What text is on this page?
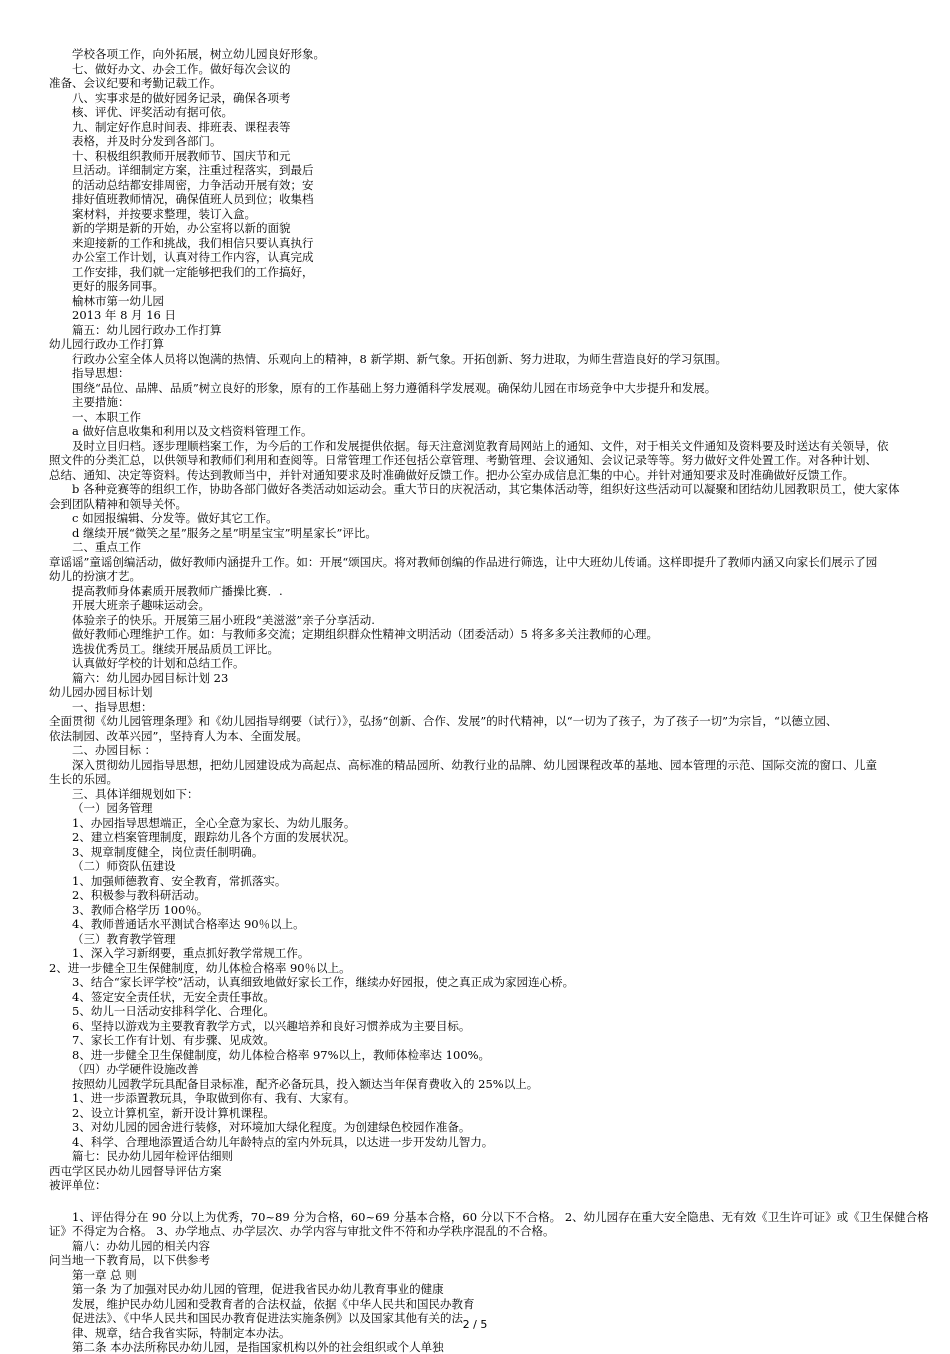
学校各项工作，向外拓展，树立幼儿园良好形象。
七、做好办文、办会工作。做好每次会议的
准备、会议纪要和考勤记载工作。
八、实事求是的做好园务记录，确保各项考
核、评优、评奖活动有据可依。
九、制定好作息时间表、排班表、课程表等
表格，并及时分发到各部门。
十、积极组织教师开展教师节、国庆节和元
旦活动。详细制定方案，注重过程落实，到最后
的活动总结都安排周密，力争活动开展有效；安
排好值班教师情况，确保值班人员到位；收集档
案材料，并按要求整理，装订入盒。
新的学期是新的开始，办公室将以新的面貌
来迎接新的工作和挑战，我们相信只要认真执行
办公室工作计划，认真对待工作内容，认真完成
工作安排，我们就一定能够把我们的工作搞好，
更好的服务同事。
榆林市第一幼儿园
2013 年 8 月 16 日
篇五：幼儿园行政办工作打算
幼儿园行政办工作打算
行政办公室全体人员将以饱满的热情、乐观向上的精神，8 新学期、新气象。开拓创新、努力进取，为师生营造良好的学习氛围。
指导思想：
围绕“品位、品牌、品质”树立良好的形象，原有的工作基础上努力遵循科学发展观。确保幼儿园在市场竞争中大步提升和发展。
主要措施：
一、本职工作
a 做好信息收集和利用以及文档资料管理工作。
及时立目归档。逐步理顺档案工作，为今后的工作和发展提供依据。每天注意浏览教育局网站上的通知、文件，对于相关文件通知及资料要及时送达有关领导，依
照文件的分类汇总，以供领导和教师们利用和查阅等。日常管理工作还包括公章管理、考勤管理、会议通知、会议记录等等。努力做好文件处置工作。对各种计划、
总结、通知、决定等资料。传达到教师当中，并针对通知要求及时准确做好反馈工作。把办公室办成信息汇集的中心。并针对通知要求及时准确做好反馈工作。
b 各种竞赛等的组织工作，协助各部门做好各类活动如运动会。重大节日的庆祝活动，其它集体活动等，组织好这些活动可以凝聚和团结幼儿园教职员工，使大家体
会到团队精神和领导关怀。
c 如园报编辑、分发等。做好其它工作。
d 继续开展“微笑之星”服务之星”明星宝宝”明星家长”评比。
二、重点工作
章谣谣”童谣创编活动，做好教师内涵提升工作。如：开展“颂国庆。将对教师创编的作品进行筛选，让中大班幼儿传诵。这样即提升了教师内涵又向家长们展示了园
幼儿的扮演才艺。
提高教师身体素质开展教师广播操比赛．.
开展大班亲子趣味运动会。
体验亲子的快乐。开展第三届小班段“美滋滋”亲子分享活动.
做好教师心理维护工作。如：与教师多交流；定期组织群众性精神文明活动（团委活动）5 将多多关注教师的心理。
选拔优秀员工。继续开展品质员工评比。
认真做好学校的计划和总结工作。
篇六：幼儿园办园目标计划 23
幼儿园办园目标计划
一、指导思想：
全面贯彻《幼儿园管理条理》和《幼儿园指导纲要（试行）》，弘扬“创新、合作、发展”的时代精神，以“一切为了孩子，为了孩子一切”为宗旨，“以德立园、
依法制园、改革兴园”，坚持育人为本、全面发展。
二、办园目标 ：
深入贯彻幼儿园指导思想，把幼儿园建设成为高起点、高标准的精品园所、幼教行业的品牌、幼儿园课程改革的基地、园本管理的示范、国际交流的窗口、儿童
生长的乐园。
三、具体详细规划如下：
（一）园务管理
1、办园指导思想端正，全心全意为家长、为幼儿服务。
2、建立档案管理制度，跟踪幼儿各个方面的发展状况。
3、规章制度健全，岗位责任制明确。
（二）师资队伍建设
1、加强师德教育、安全教育，常抓落实。
2、积极参与教科研活动。
3、教师合格学历 100％。
4、教师普通话水平测试合格率达 90％以上。
（三）教育教学管理
1、深入学习新纲要，重点抓好教学常规工作。
2、进一步健全卫生保健制度，幼儿体检合格率 90％以上。
3、结合“家长评学校”活动，认真细致地做好家长工作，继续办好园报，使之真正成为家园连心桥。
4、签定安全责任状，无安全责任事故。
5、幼儿一日活动安排科学化、合理化。
6、坚持以游戏为主要教育教学方式，以兴趣培养和良好习惯养成为主要目标。
7、家长工作有计划、有步骤、见成效。
8、进一步健全卫生保健制度，幼儿体检合格率 97%以上，教师体检率达 100%。
（四）办学硬件设施改善
按照幼儿园教学玩具配备目录标准，配齐必备玩具，投入额达当年保育费收入的 25%以上。
1、进一步添置教玩具，争取做到你有、我有、大家有。
2、设立计算机室，新开设计算机课程。
3、对幼儿园的园舍进行装修，对环境加大绿化程度。为创建绿色校园作准备。
4、科学、合理地添置适合幼儿年龄特点的室内外玩具，以达进一步开发幼儿智力。
篇七：民办幼儿园年检评估细则
西屯学区民办幼儿园督导评估方案
被评单位：
1、评估得分在 90 分以上为优秀，70~89 分为合格，60~69 分基本合格，60 分以下不合格。 2、幼儿园存在重大安全隐患、无有效《卫生许可证》或《卫生保健合格
证》不得定为合格。 3、办学地点、办学层次、办学内容与审批文件不符和办学秩序混乱的不合格。
篇八：办幼儿园的相关内容
问当地一下教育局，以下供参考
第一章 总 则
第一条 为了加强对民办幼儿园的管理，促进我省民办幼儿教育事业的健康
发展，维护民办幼儿园和受教育者的合法权益，依据《中华人民共和国民办教育
促进法》、《中华人民共和国民办教育促进法实施条例》以及国家其他有关的法
律、规章，结合我省实际，特制定本办法。
第二条 本办法所称民办幼儿园，是指国家机构以外的社会组织或个人单独
2 / 5
